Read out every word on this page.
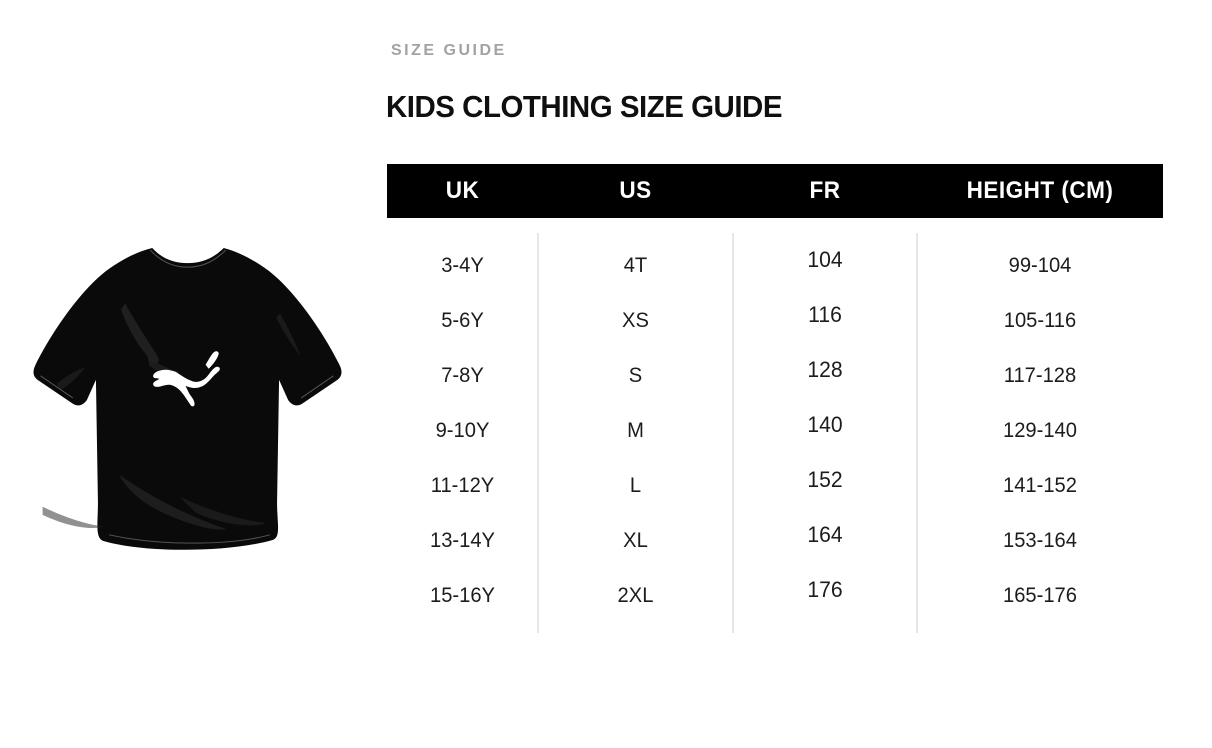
SIZE GUIDE
KIDS CLOTHING SIZE GUIDE
UK	US	FR	HEIGHT (CM)
3-4Y	4T	104	99-104
5-6Y	XS	116	105-116
7-8Y	S	128	117-128
9-10Y	M	140	129-140
11-12Y	L	152	141-152
13-14Y	XL	164	153-164
15-16Y	2XL	176	165-176
